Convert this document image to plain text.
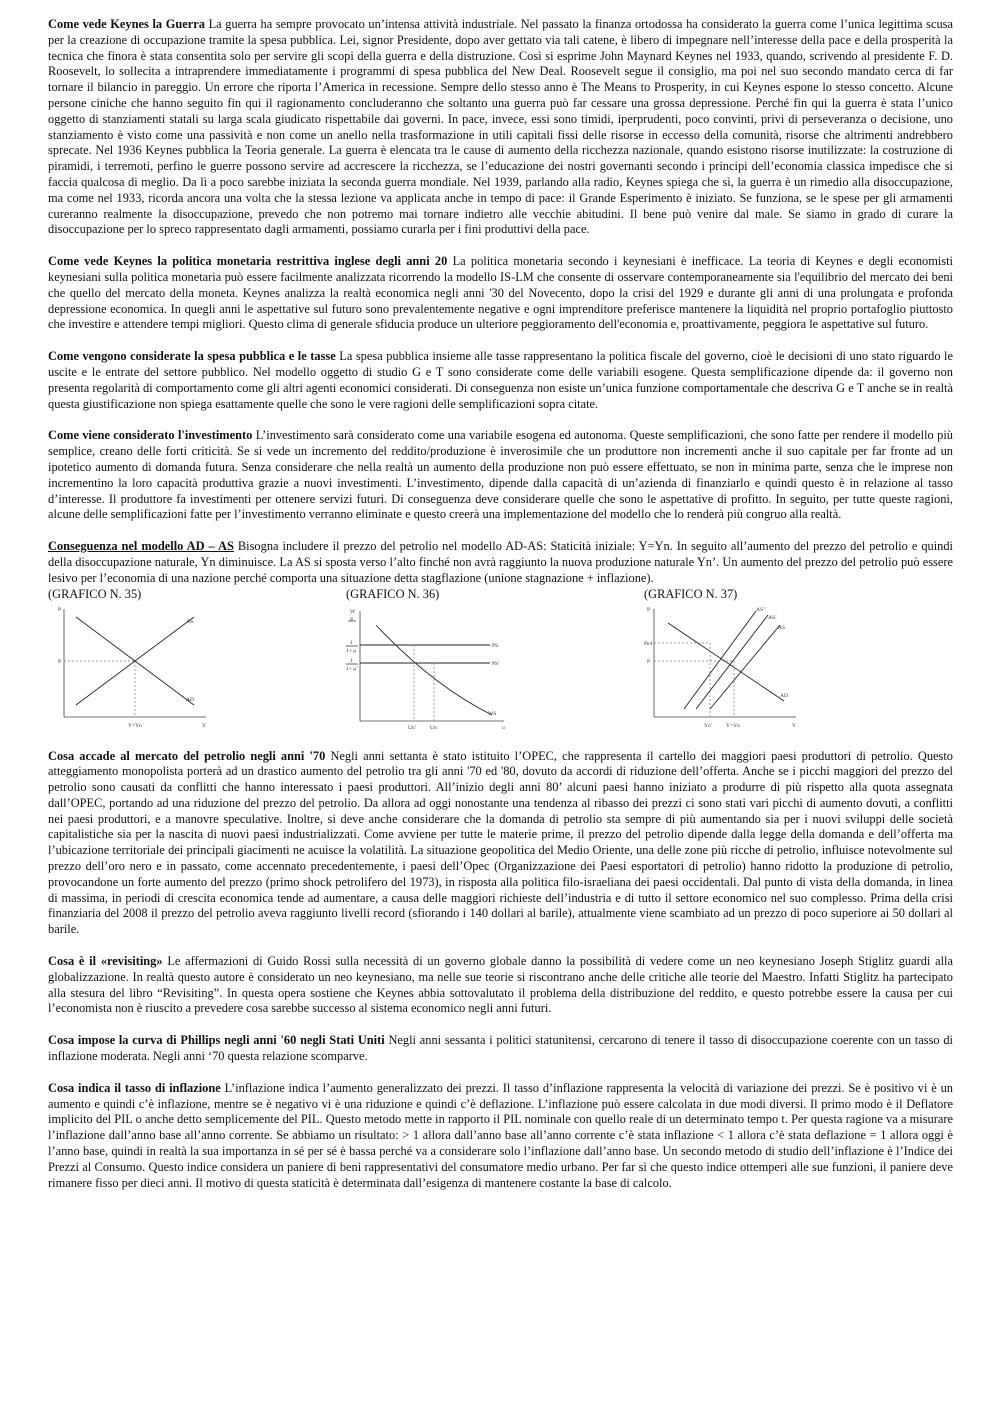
Come vede Keynes la Guerra La guerra ha sempre provocato un’intensa attività industriale. Nel passato la finanza ortodossa ha considerato la guerra come l’unica legittima scusa per la creazione di occupazione tramite la spesa pubblica. Lei, signor Presidente, dopo aver gettato via tali catene, è libero di impegnare nell’interesse della pace e della prosperità la tecnica che finora è stata consentita solo per servire gli scopi della guerra e della distruzione. Così si esprime John Maynard Keynes nel 1933, quando, scrivendo al presidente F. D. Roosevelt, lo sollecita a intraprendere immediatamente i programmi di spesa pubblica del New Deal. Roosevelt segue il consiglio, ma poi nel suo secondo mandato cerca di far tornare il bilancio in pareggio. Un errore che riporta l’America in recessione. Sempre dello stesso anno è The Means to Prosperity, in cui Keynes espone lo stesso concetto. Alcune persone ciniche che hanno seguito fin qui il ragionamento concluderanno che soltanto una guerra può far cessare una grossa depressione. Perché fin qui la guerra è stata l’unico oggetto di stanziamenti statali su larga scala giudicato rispettabile dai governi. In pace, invece, essi sono timidi, iperprudenti, poco convinti, privi di perseveranza o decisione, uno stanziamento è visto come una passività e non come un anello nella trasformazione in utili capitali fissi delle risorse in eccesso della comunità, risorse che altrimenti andrebbero sprecate. Nel 1936 Keynes pubblica la Teoria generale. La guerra è elencata tra le cause di aumento della ricchezza nazionale, quando esistono risorse inutilizzate: la costruzione di piramidi, i terremoti, perfino le guerre possono servire ad accrescere la ricchezza, se l’educazione dei nostri governanti secondo i principi dell’economia classica impedisce che si faccia qualcosa di meglio. Da lì a poco sarebbe iniziata la seconda guerra mondiale. Nel 1939, parlando alla radio, Keynes spiega che sì, la guerra è un rimedio alla disoccupazione, ma come nel 1933, ricorda ancora una volta che la stessa lezione va applicata anche in tempo di pace: il Grande Esperimento è iniziato. Se funziona, se le spese per gli armamenti cureranno realmente la disoccupazione, prevedo che non potremo mai tornare indietro alle vecchie abitudini. Il bene può venire dal male. Se siamo in grado di curare la disoccupazione per lo spreco rappresentato dagli armamenti, possiamo curarla per i fini produttivi della pace.

Come vede Keynes la politica monetaria restrittiva inglese degli anni 20 La politica monetaria secondo i keynesiani è inefficace. La teoria di Keynes e degli economisti keynesiani sulla politica monetaria può essere facilmente analizzata ricorrendo la modello IS-LM che consente di osservare contemporaneamente sia l'equilibrio del mercato dei beni che quello del mercato della moneta. Keynes analizza la realtà economica negli anni '30 del Novecento, dopo la crisi del 1929 e durante gli anni di una prolungata e profonda depressione economica. In quegli anni le aspettative sul futuro sono prevalentemente negative e ogni imprenditore preferisce mantenere la liquidità nel proprio portafoglio piuttosto che investire e attendere tempi migliori. Questo clima di generale sfiducia produce un ulteriore peggioramento dell'economia e, proattivamente, peggiora le aspettative sul futuro.

Come vengono considerate la spesa pubblica e le tasse La spesa pubblica insieme alle tasse rappresentano la politica fiscale del governo, cioè le decisioni di uno stato riguardo le uscite e le entrate del settore pubblico. Nel modello oggetto di studio G e T sono considerate come delle variabili esogene. Questa semplificazione dipende da: il governo non presenta regolarità di comportamento come gli altri agenti economici considerati. Di conseguenza non esiste un’unica funzione comportamentale che descriva G e T anche se in realtà questa giustificazione non spiega esattamente quelle che sono le vere ragioni delle semplificazioni sopra citate.

Come viene considerato l'investimento L’investimento sarà considerato come una variabile esogena ed autonoma. Queste semplificazioni, che sono fatte per rendere il modello più semplice, creano delle forti criticità. Se si vede un incremento del reddito/produzione è inverosimile che un produttore non incrementi anche il suo capitale per far fronte ad un ipotetico aumento di domanda futura. Senza considerare che nella realtà un aumento della produzione non può essere effettuato, se non in minima parte, senza che le imprese non incrementino la loro capacità produttiva grazie a nuovi investimenti. L’investimento, dipende dalla capacità di un’azienda di finanziarlo e quindi questo è in relazione al tasso d’interesse. Il produttore fa investimenti per ottenere servizi futuri. Di conseguenza deve considerare quelle che sono le aspettative di profitto. In seguito, per tutte queste ragioni, alcune delle semplificazioni fatte per l’investimento verranno eliminate e questo creerà una implementazione del modello che lo renderà più congruo alla realtà.

Conseguenza nel modello AD – AS Bisogna includere il prezzo del petrolio nel modello AD-AS: Staticità iniziale: Y=Yn. In seguito all’aumento del prezzo del petrolio e quindi della disoccupazione naturale, Yn diminuisce. La AS si sposta verso l’alto finché non avrà raggiunto la nuova produzione naturale Yn’. Un aumento del prezzo del petrolio può essere lesivo per l’economia di una nazione perché comporta una situazione detta stagflazione (unione stagnazione + inflazione).

(GRAFICO N. 35)	(GRAFICO N. 36)	(GRAFICO N. 37)
P
P
AS
AD
Y=Yn	Y
W
P
1
1+ μ
1
1+ μ’
PS
PS’
WS
Un’ Un	u
P	AS’’
AS’
AS
Pe4
P
AD
Yn’ Y=Yn	Y

Cosa accade al mercato del petrolio negli anni '70 Negli anni settanta è stato istituito l’OPEC, che rappresenta il cartello dei maggiori paesi produttori di petrolio. Questo atteggiamento monopolista porterà ad un drastico aumento del petrolio tra gli anni '70 ed '80, dovuto da accordi di riduzione dell’offerta. Anche se i picchi maggiori del prezzo del petrolio sono causati da conflitti che hanno interessato i paesi produttori. All’inizio degli anni 80’ alcuni paesi hanno iniziato a produrre di più rispetto alla quota assegnata dall’OPEC, portando ad una riduzione del prezzo del petrolio. Da allora ad oggi nonostante una tendenza al ribasso dei prezzi ci sono stati vari picchi di aumento dovuti, a conflitti nei paesi produttori, e a manovre speculative. Inoltre, si deve anche considerare che la domanda di petrolio sta sempre di più aumentando sia per i nuovi sviluppi delle società capitalistiche sia per la nascita di nuovi paesi industrializzati. Come avviene per tutte le materie prime, il prezzo del petrolio dipende dalla legge della domanda e dell’offerta ma l’ubicazione territoriale dei principali giacimenti ne acuisce la volatilità. La situazione geopolitica del Medio Oriente, una delle zone più ricche di petrolio, influisce notevolmente sul prezzo dell’oro nero e in passato, come accennato precedentemente, i paesi dell’Opec (Organizzazione dei Paesi esportatori di petrolio) hanno ridotto la produzione di petrolio, provocandone un forte aumento del prezzo (primo shock petrolifero del 1973), in risposta alla politica filo-israeliana dei paesi occidentali. Dal punto di vista della domanda, in linea di massima, in periodi di crescita economica tende ad aumentare, a causa delle maggiori richieste dell’industria e di tutto il settore economico nel suo complesso. Prima della crisi finanziaria del 2008 il prezzo del petrolio aveva raggiunto livelli record (sfiorando i 140 dollari al barile), attualmente viene scambiato ad un prezzo di poco superiore ai 50 dollari al barile.

Cosa è il «revisiting» Le affermazioni di Guido Rossi sulla necessità di un governo globale danno la possibilità di vedere come un neo keynesiano Joseph Stiglitz guardi alla globalizzazione. In realtà questo autore è considerato un neo keynesiano, ma nelle sue teorie si riscontrano anche delle critiche alle teorie del Maestro. Infatti Stiglitz ha partecipato alla stesura del libro “Revisiting”. In questa opera sostiene che Keynes abbia sottovalutato il problema della distribuzione del reddito, e questo potrebbe essere la causa per cui l’economista non è riuscito a prevedere cosa sarebbe successo al sistema economico negli anni futuri.

Cosa impose la curva di Phillips negli anni '60 negli Stati Uniti Negli anni sessanta i politici statunitensi, cercarono di tenere il tasso di disoccupazione coerente con un tasso di inflazione moderata. Negli anni ‘70 questa relazione scomparve.

Cosa indica il tasso di inflazione L’inflazione indica l’aumento generalizzato dei prezzi. Il tasso d’inflazione rappresenta la velocità di variazione dei prezzi. Se è positivo vi è un aumento e quindi c’è inflazione, mentre se è negativo vi è una riduzione e quindi c’è deflazione. L’inflazione può essere calcolata in due modi diversi. Il primo modo è il Deflatore implicito del PIL o anche detto semplicemente del PIL. Questo metodo mette in rapporto il PIL nominale con quello reale di un determinato tempo t. Per questa ragione va a misurare l’inflazione dall’anno base all’anno corrente. Se abbiamo un risultato: > 1 allora dall’anno base all’anno corrente c’è stata inflazione < 1 allora c’è stata deflazione = 1 allora oggi è l’anno base, quindi in realtà la sua importanza in sé per sé è bassa perché va a considerare solo l’inflazione dall’anno base. Un secondo metodo di studio dell’inflazione è l’Indice dei Prezzi al Consumo. Questo indice considera un paniere di beni rappresentativi del consumatore medio urbano. Per far sì che questo indice ottemperi alle sue funzioni, il paniere deve rimanere fisso per dieci anni. Il motivo di questa staticità è determinata dall’esigenza di mantenere costante la base di calcolo.
